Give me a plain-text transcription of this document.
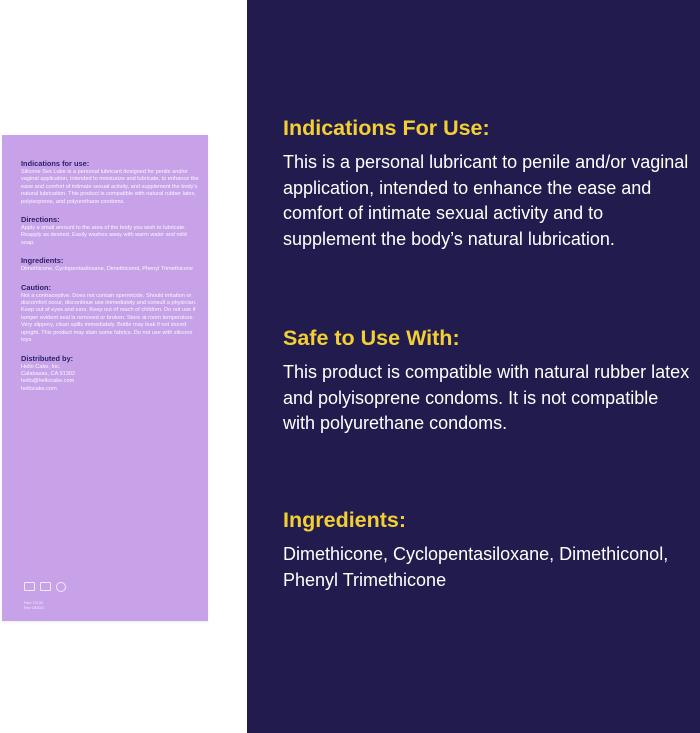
Indications for use:
Silicone Sex Lube is a personal lubricant designed for penile and/or vaginal application, intended to moisturize and lubricate, to enhance the ease and comfort of intimate sexual activity, and supplement the body's natural lubrication. This product is compatible with natural rubber latex, polyisoprene, and polyurethane condoms.
Directions:
Apply a small amount to the area of the body you wish to lubricate. Reapply as desired. Easily washes away with warm water and mild soap.
Ingredients:
Dimethicone, Cyclopentasiloxane, Dimethiconol, Phenyl Trimethicone
Caution:
Not a contraceptive. Does not contain spermicide. Should irritation or discomfort occur, discontinue use immediately and consult a physician. Keep out of eyes and ears. Keep out of reach of children. Do not use if tamper evident seal is removed or broken. Store at room temperature. Very slippery, clean spills immediately. Bottle may leak if not stored upright. This product may stain some fabrics. Do not use with silicone toys.
Distributed by:
Hello Cake, Inc.
Calabasas, CA 91302
hello@hellocake.com
hellocake.com
Part: 70139
Rev: 082021
Indications For Use:

This is a personal lubricant to penile and/or vaginal application, intended to enhance the ease and comfort of intimate sexual activity and to supplement the body’s natural lubrication.

Safe to Use With:

This product is compatible with natural rubber latex and polyisoprene condoms. It is not compatible with polyurethane condoms.

Ingredients:

Dimethicone, Cyclopentasiloxane, Dimethiconol, Phenyl Trimethicone
